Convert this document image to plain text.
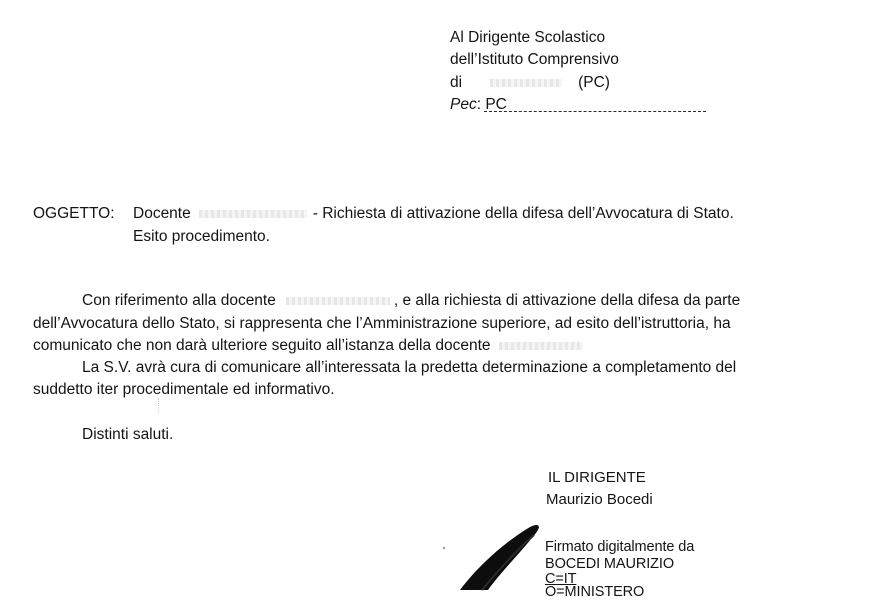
Al Dirigente Scolastico
dell’Istituto Comprensivo
di	(PC)
Pec: PC
OGGETTO: Docente	- Richiesta di attivazione della difesa dell’Avvocatura di Stato.
Esito procedimento.
Con riferimento alla docente	, e alla richiesta di attivazione della difesa da parte
dell’Avvocatura dello Stato, si rappresenta che l’Amministrazione superiore, ad esito dell’istruttoria, ha
comunicato che non darà ulteriore seguito all’istanza della docente
La S.V. avrà cura di comunicare all’interessata la predetta determinazione a completamento del
suddetto iter procedimentale ed informativo.
Distinti saluti.
IL DIRIGENTE
Maurizio Bocedi
Firmato digitalmente da
BOCEDI MAURIZIO
C=IT
O=MINISTERO
